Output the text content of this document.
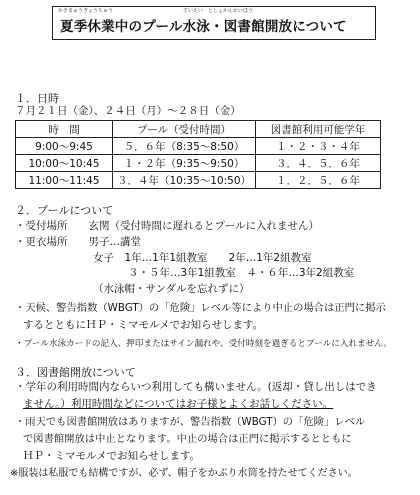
かきまゅうぎょうちゅう　　　　　　　　　　　　　　すいえい　としょかんかいほう
夏季休業中のプール水泳・図書館開放について
１．日時
７月２１日（金）、２４日（月）〜２８日（金）
時　間	プール（受付時間）	図書館利用可能学年
9:00〜9:45	５．６年（8:35〜8:50）	１・２・３・４年
10:00〜10:45	１・２年（9:35〜9:50）	３．４．５．６年
11:00〜11:45	３．４年（10:35〜10:50）	１．２．５．６年
２．プールについて
・受付場所　　玄関（受付時間に遅れるとプールに入れません）
・更衣場所　　男子…講堂
女子　1年…1年1組教室　　2年…1年2組教室
３・５年…3年1組教室　４・６年…3年2組教室
（水泳帽・サンダルを忘れずに）
・天候、警告指数（WBGT）の「危険」レベル等により中止の場合は正門に掲示
するとともにＨＰ・ミマモルメでお知らせします。
・プール水泳カードの記入、押印またはサイン漏れや、受付時刻を過ぎるとプールに入れません。
３．図書館開放について
・学年の利用時間内ならいつ利用しても構いません。(返却・貸し出しはでき
ません。）利用時間などについてはお子様とよくお話しください。
・雨天でも図書館開放はありますが、警告指数（WBGT）の「危険」レベル
で図書館開放は中止となります。中止の場合は正門に掲示するとともに
ＨＰ・ミマモルメでお知らせします。
※服装は私服でも結構ですが、必ず、帽子をかぶり水筒を持たせてください。
